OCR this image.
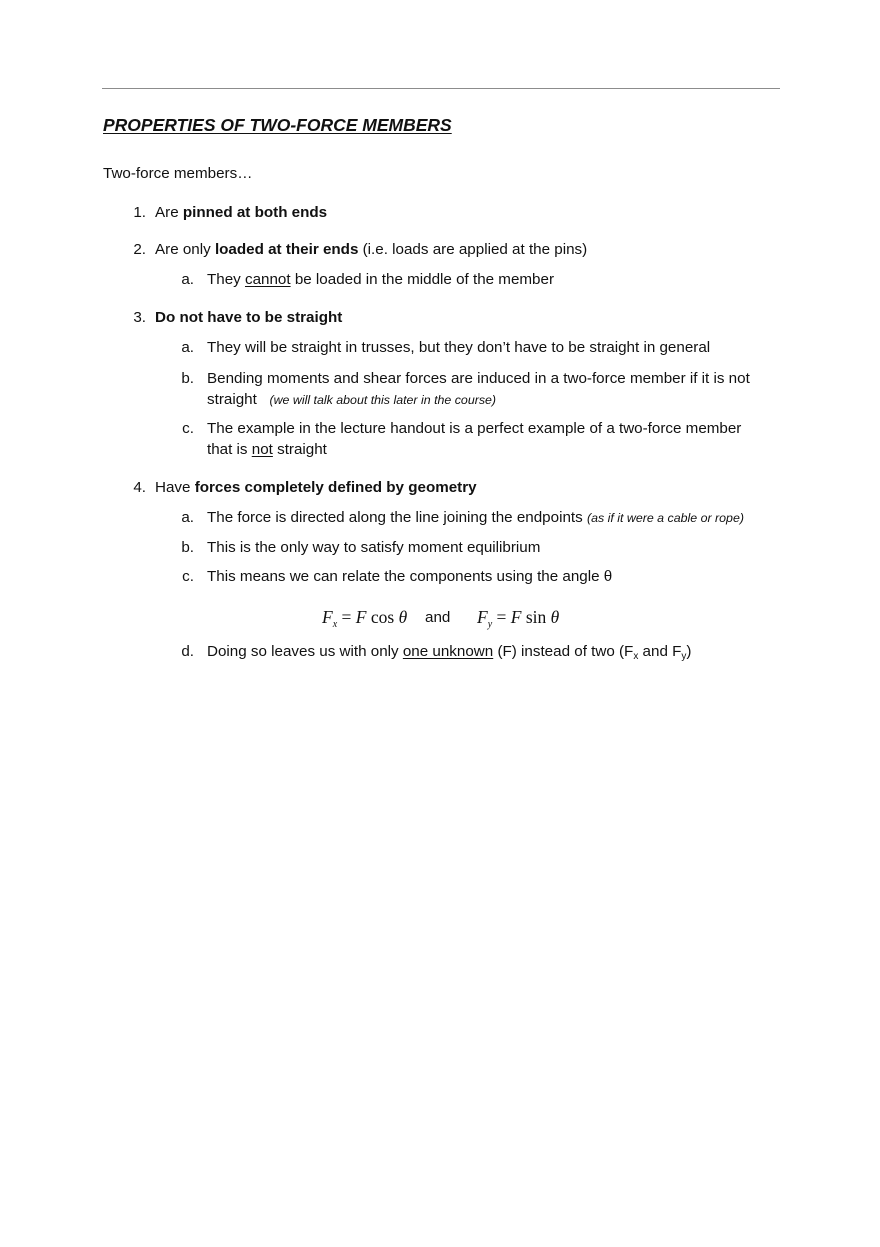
PROPERTIES OF TWO-FORCE MEMBERS
Two-force members…
1. Are pinned at both ends
2. Are only loaded at their ends (i.e. loads are applied at the pins)
a. They cannot be loaded in the middle of the member
3. Do not have to be straight
a. They will be straight in trusses, but they don’t have to be straight in general
b. Bending moments and shear forces are induced in a two-force member if it is not
straight (we will talk about this later in the course)
c. The example in the lecture handout is a perfect example of a two-force member
that is not straight
4. Have forces completely defined by geometry
a. The force is directed along the line joining the endpoints (as if it were a cable or rope)
b. This is the only way to satisfy moment equilibrium
c. This means we can relate the components using the angle θ
$F_x = F$ cos θ and $F_y = F$ sin θ
d. Doing so leaves us with only one unknown (F) instead of two (Fx and Fy)
